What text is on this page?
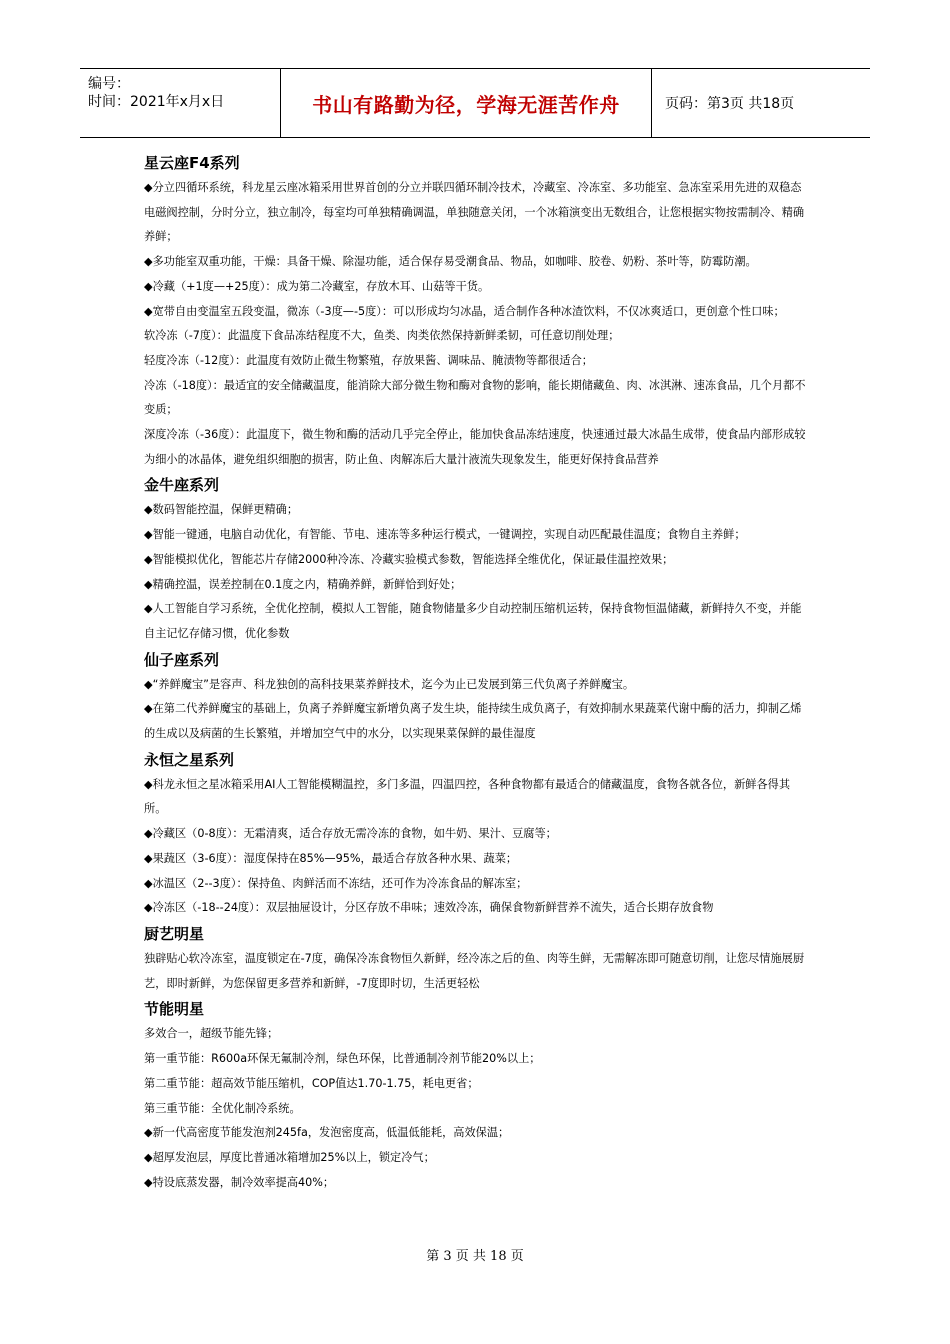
编号：
时间：2021年x月x日	书山有路勤为径，学海无涯苦作舟	页码：第3页 共18页
星云座F4系列
◆分立四循环系统，科龙星云座冰箱采用世界首创的分立并联四循环制冷技术，冷藏室、冷冻室、多功能室、急冻室采用先进的双稳态电磁阀控制，分时分立，独立制冷，每室均可单独精确调温，单独随意关闭，一个冰箱演变出无数组合，让您根据实物按需制冷、精确养鲜；
◆多功能室双重功能，干燥：具备干燥、除湿功能，适合保存易受潮食品、物品，如咖啡、胶卷、奶粉、茶叶等，防霉防潮。
◆冷藏（+1度—+25度）：成为第二冷藏室，存放木耳、山菇等干货。
◆宽带自由变温室五段变温，微冻（-3度—-5度）：可以形成均匀冰晶，适合制作各种冰渣饮料，不仅冰爽适口，更创意个性口味；
软冷冻（-7度）：此温度下食品冻结程度不大，鱼类、肉类依然保持新鲜柔韧，可任意切削处理；
轻度冷冻（-12度）：此温度有效防止微生物繁殖，存放果酱、调味品、腌渍物等都很适合；
冷冻（-18度）：最适宜的安全储藏温度，能消除大部分微生物和酶对食物的影响，能长期储藏鱼、肉、冰淇淋、速冻食品，几个月都不变质；
深度冷冻（-36度）：此温度下，微生物和酶的活动几乎完全停止，能加快食品冻结速度，快速通过最大冰晶生成带，使食品内部形成较为细小的冰晶体，避免组织细胞的损害，防止鱼、肉解冻后大量汁液流失现象发生，能更好保持食品营养
金牛座系列
◆数码智能控温，保鲜更精确；
◆智能一键通，电脑自动优化，有智能、节电、速冻等多种运行模式，一键调控，实现自动匹配最佳温度；食物自主养鲜；
◆智能模拟优化，智能芯片存储2000种冷冻、冷藏实验模式参数，智能选择全维优化，保证最佳温控效果；
◆精确控温，误差控制在0.1度之内，精确养鲜，新鲜恰到好处；
◆人工智能自学习系统，全优化控制，模拟人工智能，随食物储量多少自动控制压缩机运转，保持食物恒温储藏，新鲜持久不变，并能自主记忆存储习惯，优化参数
仙子座系列
◆“养鲜魔宝”是容声、科龙独创的高科技果菜养鲜技术，迄今为止已发展到第三代负离子养鲜魔宝。
◆在第二代养鲜魔宝的基础上，负离子养鲜魔宝新增负离子发生块，能持续生成负离子，有效抑制水果蔬菜代谢中酶的活力，抑制乙烯的生成以及病菌的生长繁殖，并增加空气中的水分，以实现果菜保鲜的最佳湿度
永恒之星系列
◆科龙永恒之星冰箱采用AI人工智能模糊温控，多门多温，四温四控，各种食物都有最适合的储藏温度，食物各就各位，新鲜各得其所。
◆冷藏区（0-8度）：无霜清爽，适合存放无需冷冻的食物，如牛奶、果汁、豆腐等；
◆果蔬区（3-6度）：湿度保持在85%—95%，最适合存放各种水果、蔬菜；
◆冰温区（2--3度）：保持鱼、肉鲜活而不冻结，还可作为冷冻食品的解冻室；
◆冷冻区（-18--24度）：双层抽屉设计，分区存放不串味；速效冷冻，确保食物新鲜营养不流失，适合长期存放食物
厨艺明星
独辟贴心软冷冻室，温度锁定在-7度，确保冷冻食物恒久新鲜，经冷冻之后的鱼、肉等生鲜，无需解冻即可随意切削，让您尽情施展厨艺，即时新鲜，为您保留更多营养和新鲜，-7度即时切，生活更轻松
节能明星
多效合一，超级节能先锋；
第一重节能：R600a环保无氟制冷剂，绿色环保，比普通制冷剂节能20%以上；
第二重节能：超高效节能压缩机，COP值达1.70-1.75，耗电更省；
第三重节能：全优化制冷系统。
◆新一代高密度节能发泡剂245fa，发泡密度高，低温低能耗，高效保温；
◆超厚发泡层，厚度比普通冰箱增加25%以上，锁定冷气；
◆特设底蒸发器，制冷效率提高40%；
第 3 页 共 18 页
